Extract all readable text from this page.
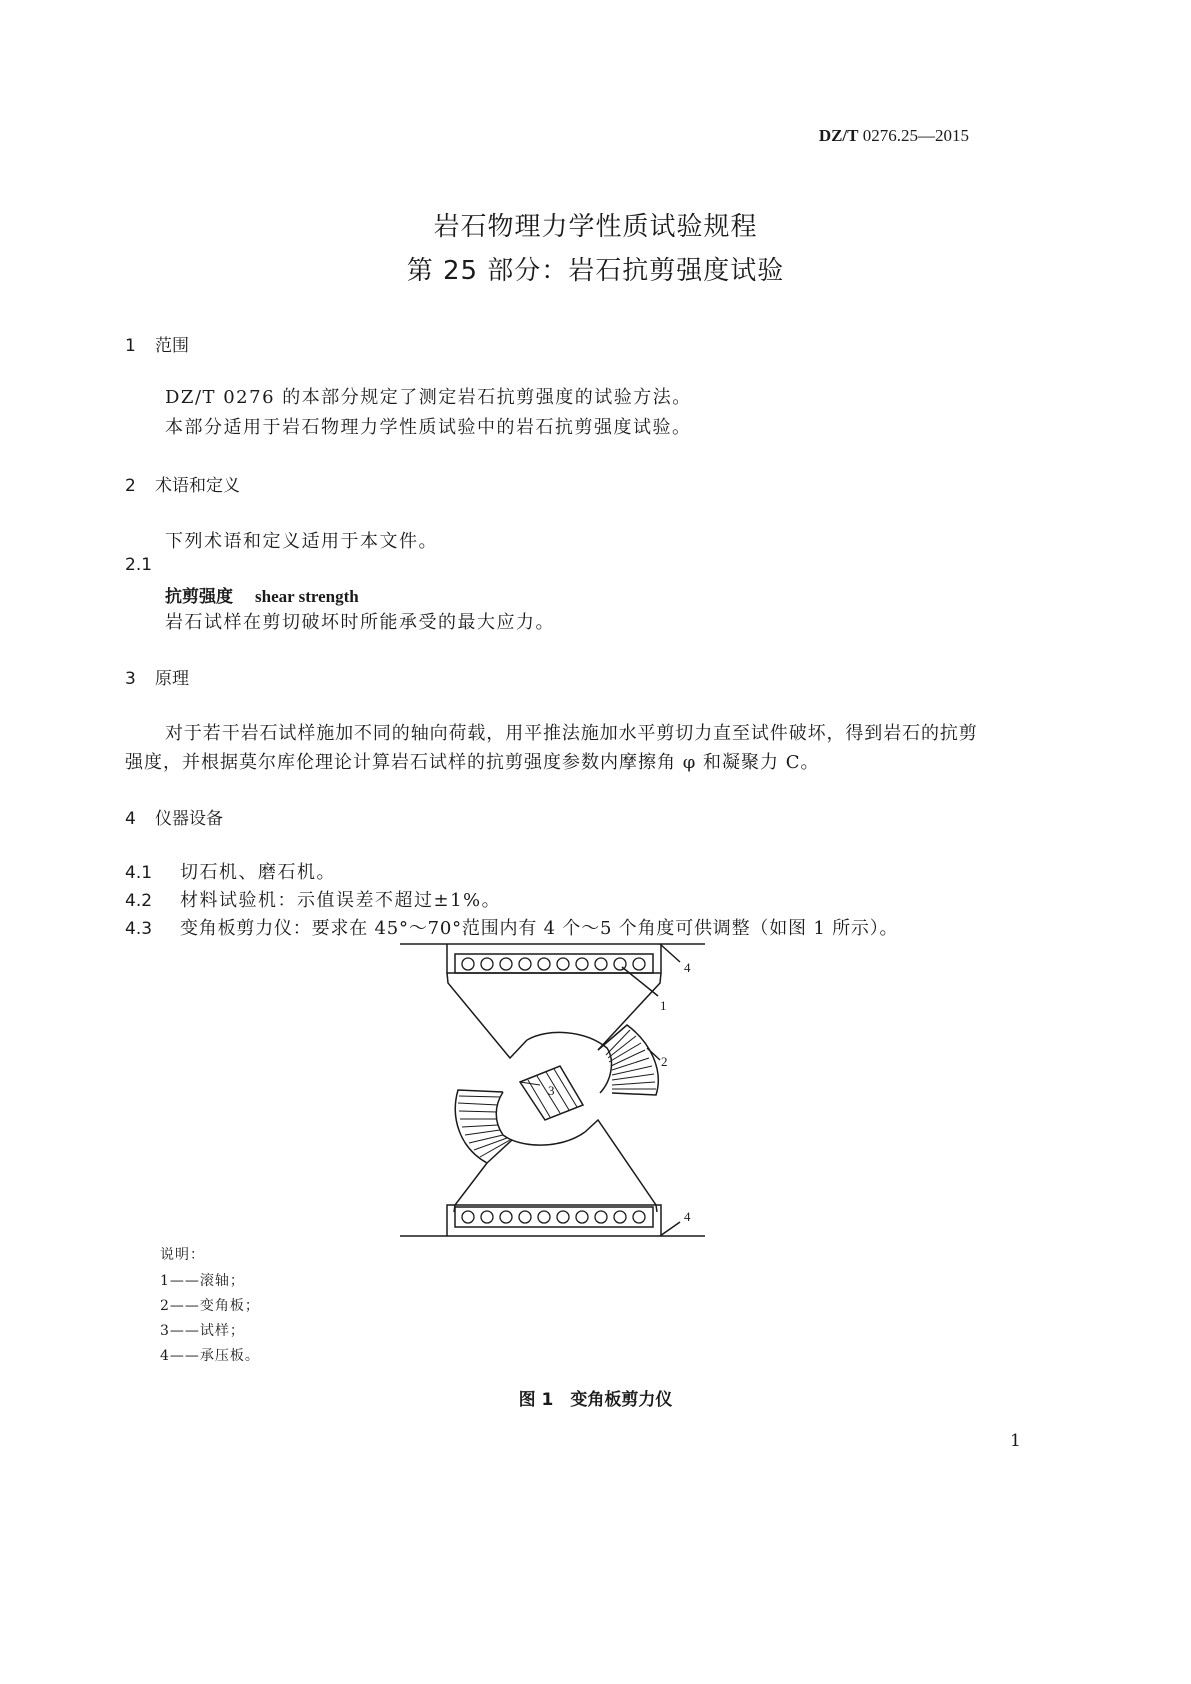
DZ/T 0276.25—2015
岩石物理力学性质试验规程
第 25 部分：岩石抗剪强度试验
1 范围
DZ/T 0276 的本部分规定了测定岩石抗剪强度的试验方法。
本部分适用于岩石物理力学性质试验中的岩石抗剪强度试验。
2 术语和定义
下列术语和定义适用于本文件。
2.1
抗剪强度 shear strength
岩石试样在剪切破坏时所能承受的最大应力。
3 原理
对于若干岩石试样施加不同的轴向荷载，用平推法施加水平剪切力直至试件破坏，得到岩石的抗剪
强度，并根据莫尔库伦理论计算岩石试样的抗剪强度参数内摩擦角 φ 和凝聚力 C。
4 仪器设备
4.1 切石机、磨石机。
4.2 材料试验机：示值误差不超过±1%。
4.3 变角板剪力仪：要求在 45°～70°范围内有 4 个～5 个角度可供调整（如图 1 所示）。
4
1
2
3
4
说明：
1——滚轴；
2——变角板；
3——试样；
4——承压板。
图 1　变角板剪力仪
1
